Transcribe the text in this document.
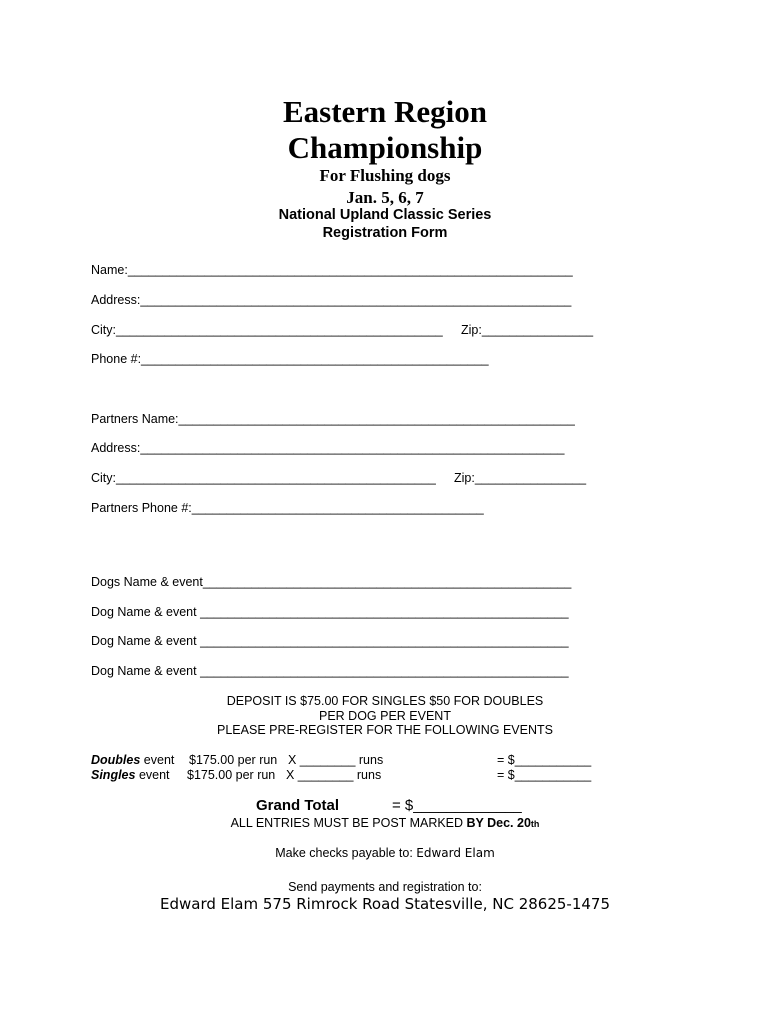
Eastern Region
Championship
For Flushing dogs
Jan. 5, 6, 7
National Upland Classic Series
Registration Form
Name:________________________________________________________________
Address:______________________________________________________________
City:_______________________________________________ Zip:________________
Phone #:__________________________________________________
Partners Name:_________________________________________________________
Address:_____________________________________________________________
City:______________________________________________ Zip:________________
Partners Phone #:__________________________________________
Dogs Name & event_____________________________________________________
Dog Name & event _____________________________________________________
Dog Name & event _____________________________________________________
Dog Name & event _____________________________________________________
DEPOSIT IS $75.00 FOR SINGLES $50 FOR DOUBLES
PER DOG PER EVENT
PLEASE PRE-REGISTER FOR THE FOLLOWING EVENTS
Doubles event $175.00 per run X ________ runs	= $___________
Singles event $175.00 per run X ________ runs	= $___________
Grand Total	= $_____________
ALL ENTRIES MUST BE POST MARKED BY Dec. 20th
Make checks payable to: Edward Elam
Send payments and registration to:
Edward Elam 575 Rimrock Road Statesville, NC 28625-1475
